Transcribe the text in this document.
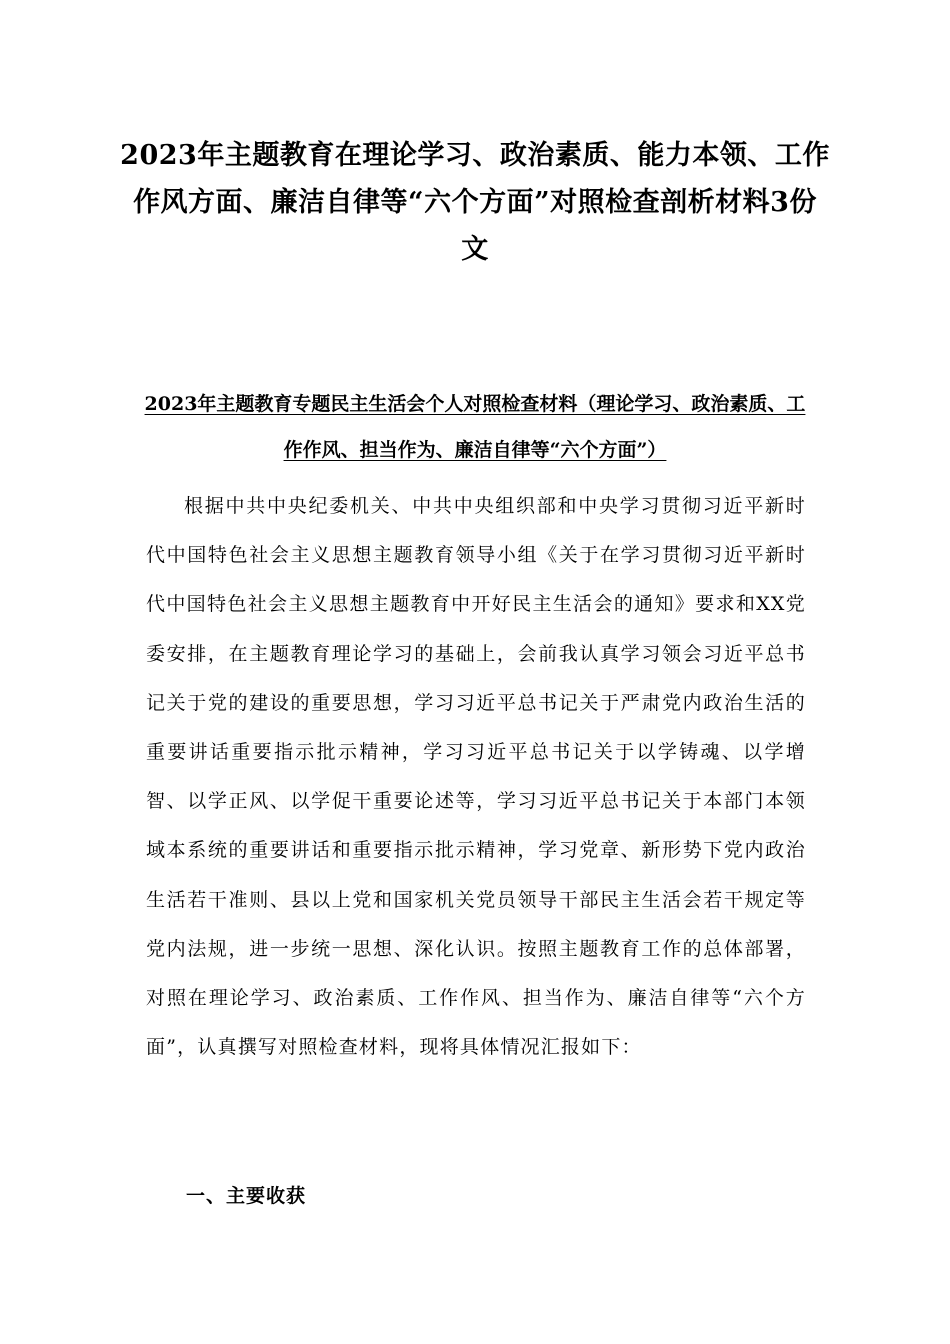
2023年主题教育在理论学习、政治素质、能力本领、工作作风方面、廉洁自律等“六个方面”对照检查剖析材料3份文
2023年主题教育专题民主生活会个人对照检查材料（理论学习、政治素质、工作作风、担当作为、廉洁自律等“六个方面”）
根据中共中央纪委机关、中共中央组织部和中央学习贯彻习近平新时代中国特色社会主义思想主题教育领导小组《关于在学习贯彻习近平新时代中国特色社会主义思想主题教育中开好民主生活会的通知》要求和XX党委安排，在主题教育理论学习的基础上，会前我认真学习领会习近平总书记关于党的建设的重要思想，学习习近平总书记关于严肃党内政治生活的重要讲话重要指示批示精神，学习习近平总书记关于以学铸魂、以学增智、以学正风、以学促干重要论述等，学习习近平总书记关于本部门本领域本系统的重要讲话和重要指示批示精神，学习党章、新形势下党内政治生活若干准则、县以上党和国家机关党员领导干部民主生活会若干规定等党内法规，进一步统一思想、深化认识。按照主题教育工作的总体部署，对照在理论学习、政治素质、工作作风、担当作为、廉洁自律等“六个方面”，认真撰写对照检查材料，现将具体情况汇报如下：
一、主要收获
